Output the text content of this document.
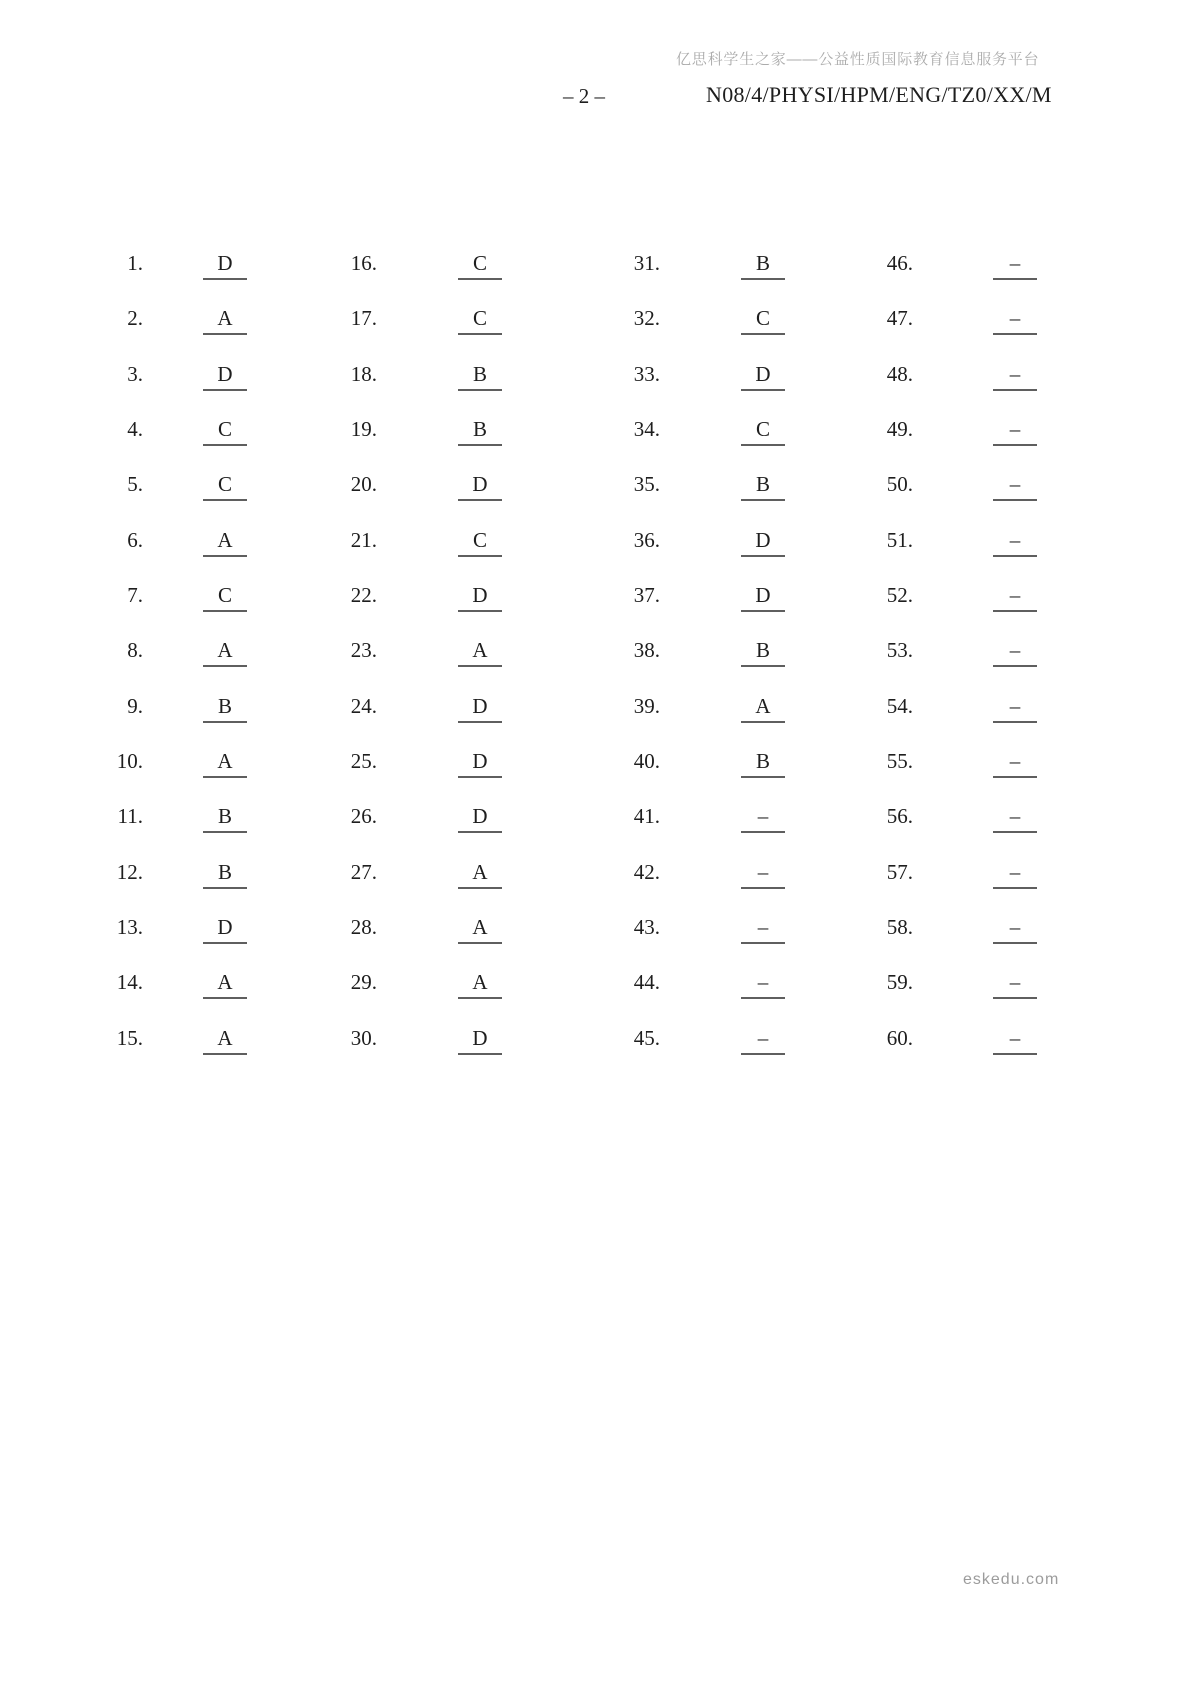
亿思科学生之家——公益性质国际教育信息服务平台
– 2 –	N08/4/PHYSI/HPM/ENG/TZ0/XX/M
1.	D	16.	C	31.	B	46.	–
2.	A	17.	C	32.	C	47.	–
3.	D	18.	B	33.	D	48.	–
4.	C	19.	B	34.	C	49.	–
5.	C	20.	D	35.	B	50.	–
6.	A	21.	C	36.	D	51.	–
7.	C	22.	D	37.	D	52.	–
8.	A	23.	A	38.	B	53.	–
9.	B	24.	D	39.	A	54.	–
10.	A	25.	D	40.	B	55.	–
11.	B	26.	D	41.	–	56.	–
12.	B	27.	A	42.	–	57.	–
13.	D	28.	A	43.	–	58.	–
14.	A	29.	A	44.	–	59.	–
15.	A	30.	D	45.	–	60.	–
eskedu.com
